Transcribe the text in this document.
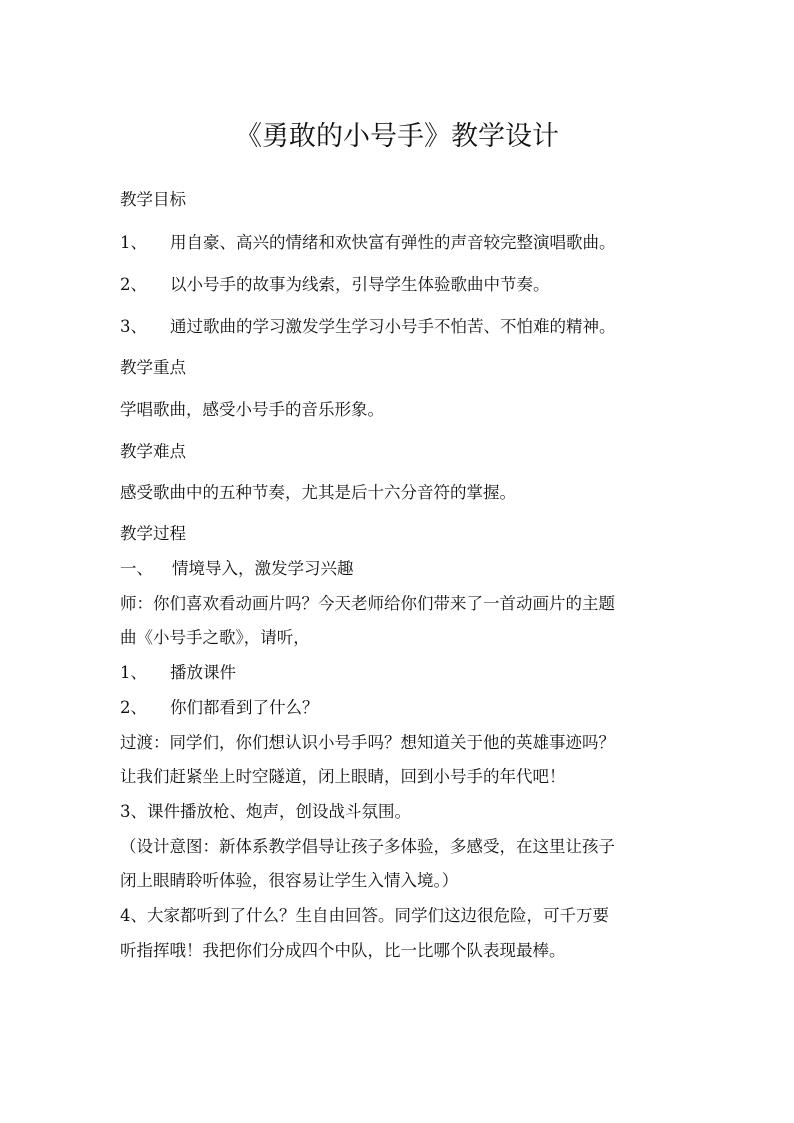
《勇敢的小号手》教学设计
教学目标
1、 用自豪、高兴的情绪和欢快富有弹性的声音较完整演唱歌曲。
2、 以小号手的故事为线索，引导学生体验歌曲中节奏。
3、 通过歌曲的学习激发学生学习小号手不怕苦、不怕难的精神。
教学重点
学唱歌曲，感受小号手的音乐形象。
教学难点
感受歌曲中的五种节奏，尤其是后十六分音符的掌握。
教学过程
一、 情境导入，激发学习兴趣
师：你们喜欢看动画片吗？今天老师给你们带来了一首动画片的主题
曲《小号手之歌》，请听，
1、 播放课件
2、 你们都看到了什么？
过渡：同学们，你们想认识小号手吗？想知道关于他的英雄事迹吗？
让我们赶紧坐上时空隧道，闭上眼睛，回到小号手的年代吧！
3、课件播放枪、炮声，创设战斗氛围。
（设计意图：新体系教学倡导让孩子多体验，多感受，在这里让孩子
闭上眼睛聆听体验，很容易让学生入情入境。）
4、大家都听到了什么？生自由回答。同学们这边很危险，可千万要
听指挥哦！我把你们分成四个中队，比一比哪个队表现最棒。
